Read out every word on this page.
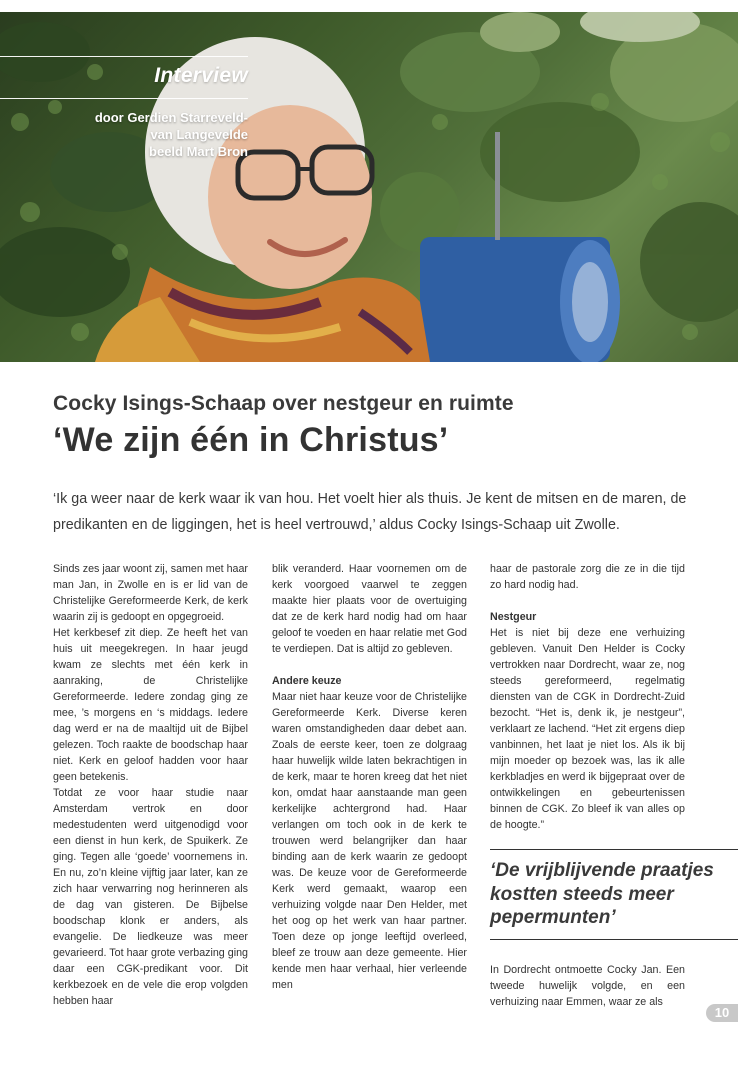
Interview
door Gerdien Starreveld-
van Langevelde
beeld Mart Bron
Cocky Isings-Schaap over nestgeur en ruimte
‘We zijn één in Christus’

‘Ik ga weer naar de kerk waar ik van hou. Het voelt hier als thuis. Je kent de mitsen en de maren, de predikanten en de liggingen, het is heel vertrouwd,’ aldus Cocky Isings-Schaap uit Zwolle.

Sinds zes jaar woont zij, samen met haar man Jan, in Zwolle en is er lid van de Christelijke Gereformeerde Kerk, de kerk waarin zij is gedoopt en opgegroeid.

Het kerkbesef zit diep. Ze heeft het van huis uit meegekregen. In haar jeugd kwam ze slechts met één kerk in aanraking, de Christelijke Gereformeerde. Iedere zondag ging ze mee, ’s morgens en ‘s middags. Iedere dag werd er na de maaltijd uit de Bijbel gelezen. Toch raakte de boodschap haar niet. Kerk en geloof hadden voor haar geen betekenis.

Totdat ze voor haar studie naar Amsterdam vertrok en door medestudenten werd uitgenodigd voor een dienst in hun kerk, de Spuikerk. Ze ging. Tegen alle ‘goede’ voornemens in. En nu, zo’n kleine vijftig jaar later, kan ze zich haar verwarring nog herinneren als de dag van gisteren. De Bijbelse boodschap klonk er anders, als evangelie. De liedkeuze was meer gevarieerd. Tot haar grote verbazing ging daar een CGK-predikant voor. Dit kerkbezoek en de vele die erop volgden hebben haar

blik veranderd. Haar voornemen om de kerk voorgoed vaarwel te zeggen maakte hier plaats voor de overtuiging dat ze de kerk hard nodig had om haar geloof te voeden en haar relatie met God te verdiepen. Dat is altijd zo gebleven.

Andere keuze

Maar niet haar keuze voor de Christelijke Gereformeerde Kerk. Diverse keren waren omstandigheden daar debet aan. Zoals de eerste keer, toen ze dolgraag haar huwelijk wilde laten bekrachtigen in de kerk, maar te horen kreeg dat het niet kon, omdat haar aanstaande man geen kerkelijke achtergrond had. Haar verlangen om toch ook in de kerk te trouwen werd belangrijker dan haar binding aan de kerk waarin ze gedoopt was. De keuze voor de Gereformeerde Kerk werd gemaakt, waarop een verhuizing volgde naar Den Helder, met het oog op het werk van haar partner. Toen deze op jonge leeftijd overleed, bleef ze trouw aan deze gemeente. Hier kende men haar verhaal, hier verleende men

haar de pastorale zorg die ze in die tijd zo hard nodig had.

Nestgeur

Het is niet bij deze ene verhuizing gebleven. Vanuit Den Helder is Cocky vertrokken naar Dordrecht, waar ze, nog steeds gereformeerd, regelmatig diensten van de CGK in Dordrecht-Zuid bezocht. “Het is, denk ik, je nestgeur”, verklaart ze lachend. “Het zit ergens diep vanbinnen, het laat je niet los. Als ik bij mijn moeder op bezoek was, las ik alle kerkbladjes en werd ik bijgepraat over de ontwikkelingen en gebeurtenissen binnen de CGK. Zo bleef ik van alles op de hoogte.”

‘De vrijblijvende praatjes kostten steeds meer pepermunten’

In Dordrecht ontmoette Cocky Jan. Een tweede huwelijk volgde, en een verhuizing naar Emmen, waar ze als

10
